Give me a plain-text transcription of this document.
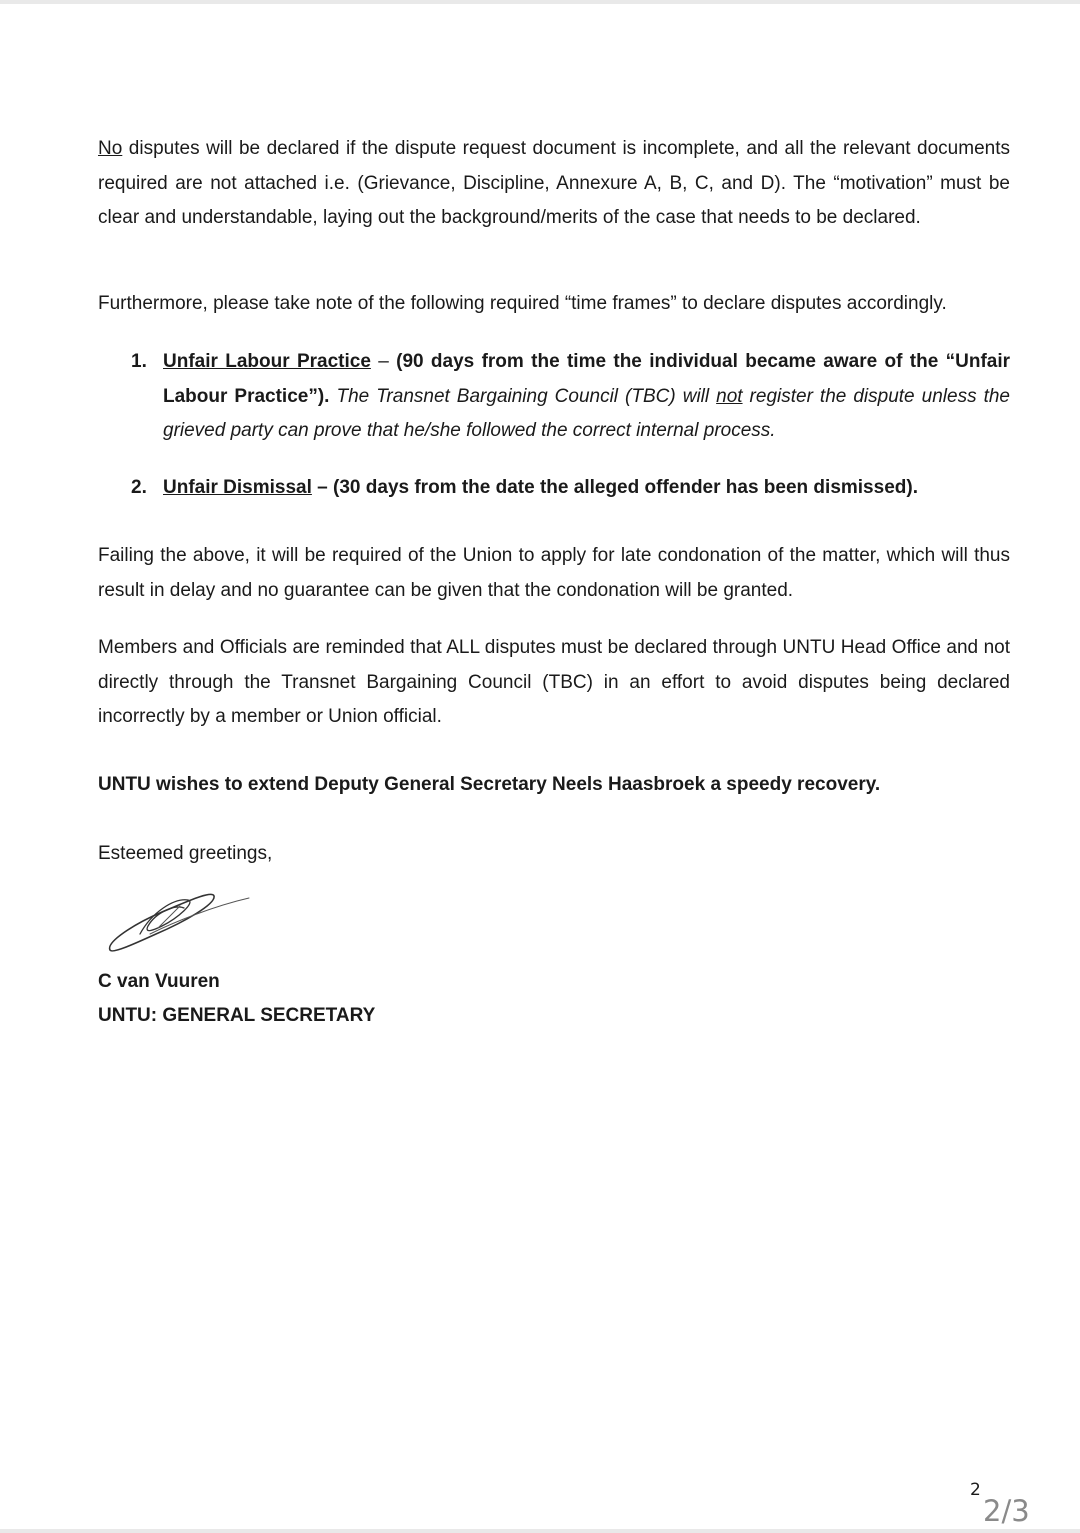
No disputes will be declared if the dispute request document is incomplete, and all the relevant documents required are not attached i.e. (Grievance, Discipline, Annexure A, B, C, and D). The “motivation” must be clear and understandable, laying out the background/merits of the case that needs to be declared.

Furthermore, please take note of the following required “time frames” to declare disputes accordingly.

1. Unfair Labour Practice – (90 days from the time the individual became aware of the “Unfair Labour Practice”). The Transnet Bargaining Council (TBC) will not register the dispute unless the grieved party can prove that he/she followed the correct internal process.
2. Unfair Dismissal – (30 days from the date the alleged offender has been dismissed).

Failing the above, it will be required of the Union to apply for late condonation of the matter, which will thus result in delay and no guarantee can be given that the condonation will be granted.

Members and Officials are reminded that ALL disputes must be declared through UNTU Head Office and not directly through the Transnet Bargaining Council (TBC) in an effort to avoid disputes being declared incorrectly by a member or Union official.

UNTU wishes to extend Deputy General Secretary Neels Haasbroek a speedy recovery.

Esteemed greetings,

C van Vuuren

UNTU: GENERAL SECRETARY

2
2/3
